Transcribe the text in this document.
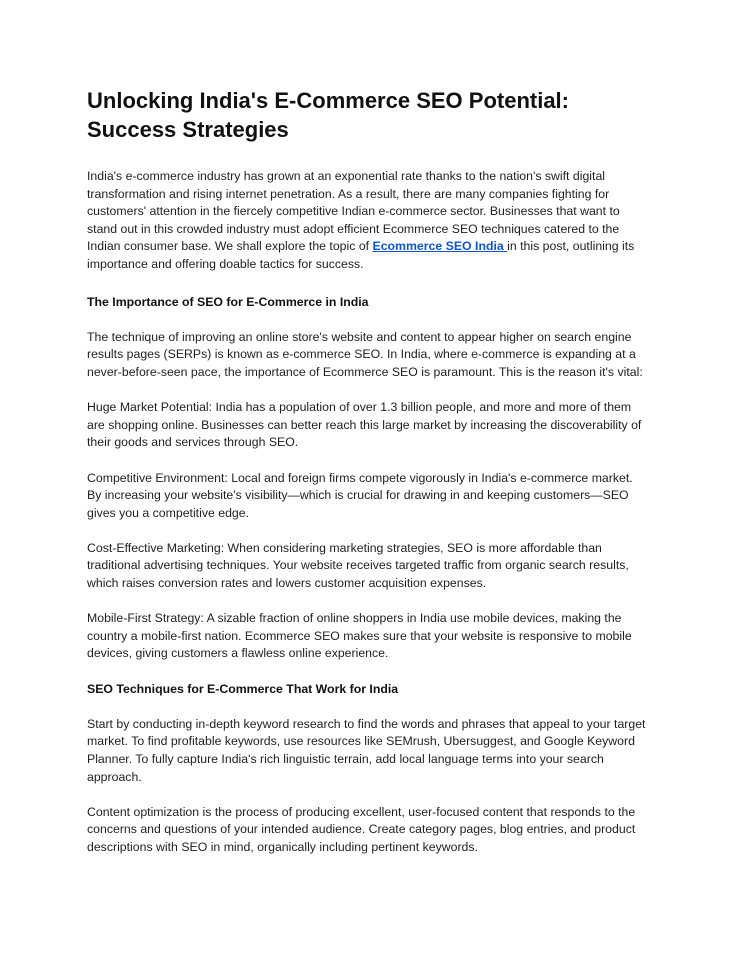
Unlocking India's E-Commerce SEO Potential: Success Strategies

India's e-commerce industry has grown at an exponential rate thanks to the nation's swift digital transformation and rising internet penetration. As a result, there are many companies fighting for customers' attention in the fiercely competitive Indian e-commerce sector. Businesses that want to stand out in this crowded industry must adopt efficient Ecommerce SEO techniques catered to the Indian consumer base. We shall explore the topic of Ecommerce SEO India in this post, outlining its importance and offering doable tactics for success.

The Importance of SEO for E-Commerce in India

The technique of improving an online store's website and content to appear higher on search engine results pages (SERPs) is known as e-commerce SEO. In India, where e-commerce is expanding at a never-before-seen pace, the importance of Ecommerce SEO is paramount. This is the reason it's vital:

Huge Market Potential: India has a population of over 1.3 billion people, and more and more of them are shopping online. Businesses can better reach this large market by increasing the discoverability of their goods and services through SEO.

Competitive Environment: Local and foreign firms compete vigorously in India's e-commerce market. By increasing your website's visibility—which is crucial for drawing in and keeping customers—SEO gives you a competitive edge.

Cost-Effective Marketing: When considering marketing strategies, SEO is more affordable than traditional advertising techniques. Your website receives targeted traffic from organic search results, which raises conversion rates and lowers customer acquisition expenses.

Mobile-First Strategy: A sizable fraction of online shoppers in India use mobile devices, making the country a mobile-first nation. Ecommerce SEO makes sure that your website is responsive to mobile devices, giving customers a flawless online experience.

SEO Techniques for E-Commerce That Work for India

Start by conducting in-depth keyword research to find the words and phrases that appeal to your target market. To find profitable keywords, use resources like SEMrush, Ubersuggest, and Google Keyword Planner. To fully capture India's rich linguistic terrain, add local language terms into your search approach.

Content optimization is the process of producing excellent, user-focused content that responds to the concerns and questions of your intended audience. Create category pages, blog entries, and product descriptions with SEO in mind, organically including pertinent keywords.
